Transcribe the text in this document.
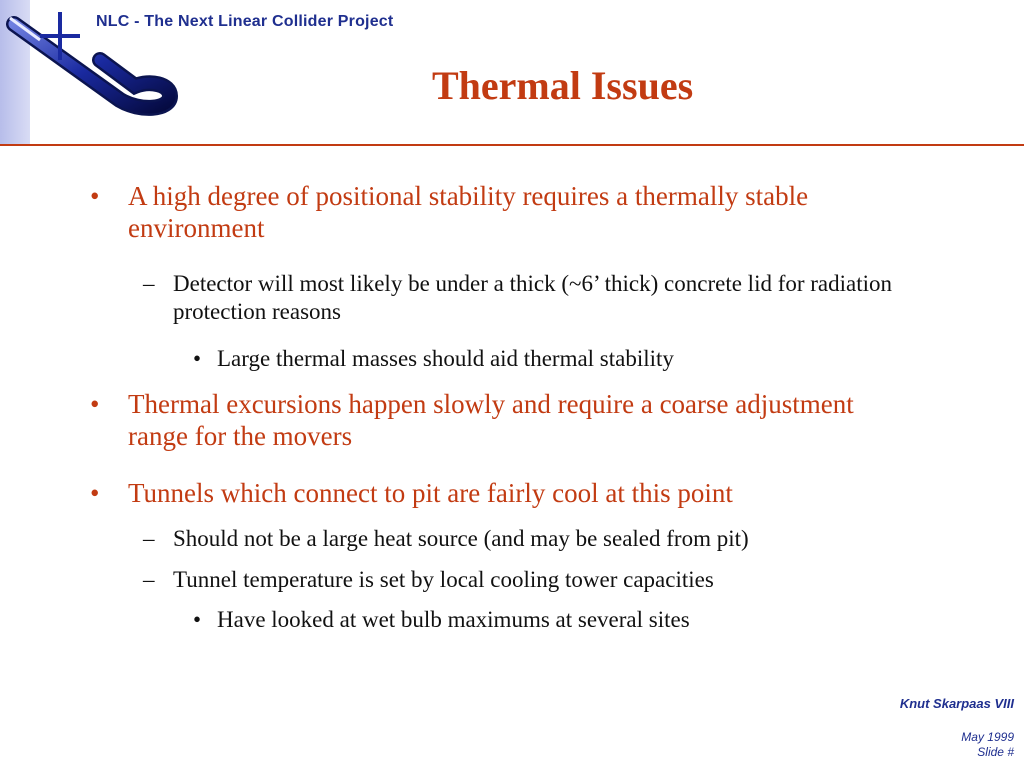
NLC - The Next Linear Collider Project
Thermal Issues
• A high degree of positional stability requires a thermally stable environment
– Detector will most likely be under a thick (~6’ thick) concrete lid for radiation protection reasons
• Large thermal masses should aid thermal stability
• Thermal excursions happen slowly and require a coarse adjustment range for the movers
• Tunnels which connect to pit are fairly cool at this point
– Should not be a large heat source (and may be sealed from pit)
– Tunnel temperature is set by local cooling tower capacities
• Have looked at wet bulb maximums at several sites
Knut Skarpaas VIII
May 1999
Slide #
